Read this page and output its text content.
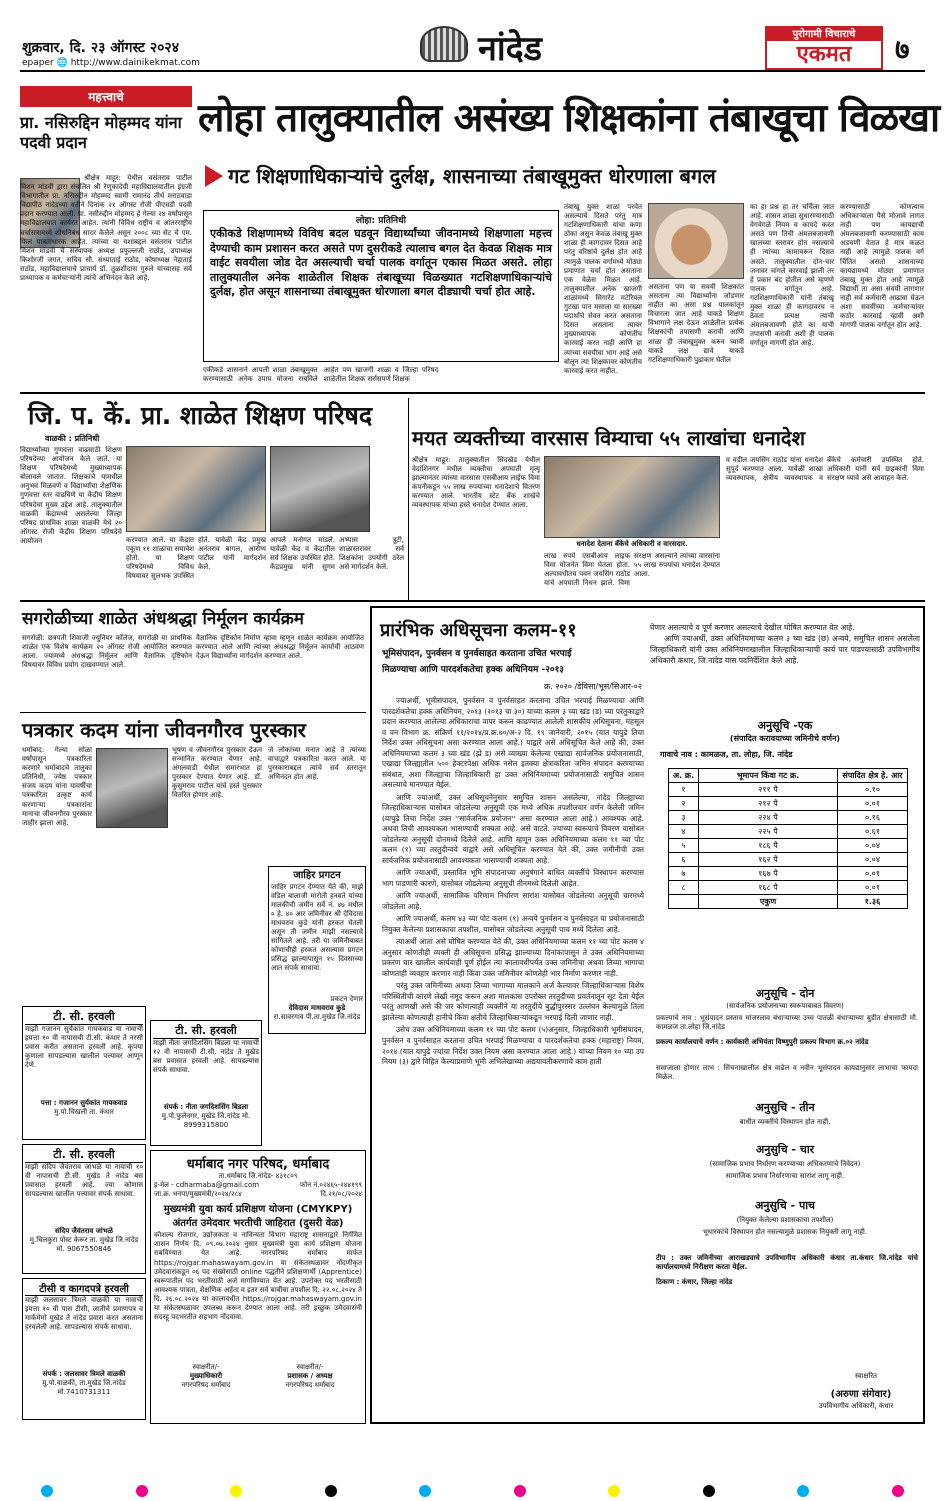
शुक्रवार, दि. २३ ऑगस्ट २०२४
epaper 🌐 http://www.dainikekmat.com	नांदेड	पुरोगामी विचाराचे
एकमत	७
महत्त्वाचे
प्रा. नसिरुद्दिन मोहम्मद यांना पदवी प्रदान
श्रीक्षेत्र माहूर: येथील वसंतराव पाटील मिशन मांडवी द्वारा संचलित श्री रेणुकादेवी महाविद्यालयातील इंग्रजी विभागातील प्रा. नसिरुद्दीन मोहम्मद स्वामी रामानंद तीर्थ मराठवाडा विद्यापीठ नांदेडच्या वतीने दिनांक २१ ऑगस्ट रोजी पीएचडी पदवी प्रदान करण्यात आली. प्रा. नसीरुद्दीन मोहम्मद हे गेल्या २४ वर्षांपासून महाविद्यालयात कार्यरत आहेत. त्यांनी विविध राष्ट्रीय व आंतरराष्ट्रीय चर्चासत्रामध्ये शोधनिबंध सादर केलेले असून २००८ च्या सेट चे एम. फिल पात्रताधारक आहेत. त्यांच्या या यशाबद्दल वसंतराव पाटील मिशन मांडवी चे संस्थापक अध्यक्ष प्रफुल्लजी राठोड, उपाध्यक्ष किशोरजी जगत, सचिव सौ. संध्याताई राठोड, कोषाध्यक्ष नेहाताई राठोड, महाविद्यालयाचे प्राचार्य डॉ. तुळशीदास गुरुले यांच्यासह सर्व प्राध्यापक व कर्मचाऱ्यांनी त्यांचे अभिनंदन केले आहे.
लोहा तालुक्यातील असंख्य शिक्षकांना तंबाखूचा विळखा
गट शिक्षणाधिकाऱ्यांचे दुर्लक्ष, शासनाच्या तंबाखूमुक्त धोरणाला बगल
लोहा: प्रतिनिधी
एकीकडे शिक्षणामध्ये विविध बदल घडवून विद्यार्थ्यांच्या जीवनामध्ये शिक्षणाला महत्त्व देण्याची काम प्रशासन करत असते पण दुसरीकडे त्यालाच बगल देत केवळ शिक्षक मात्र वाईट सवयीला जोड देत असल्याची चर्चा पालक वर्गातून एकास मिळत असते. लोहा तालुक्यातील अनेक शाळेतील शिक्षक तंबाखूच्या विळख्यात गटशिक्षणाधिकाऱ्यांचे दुर्लक्ष, होत असून शासनाच्या तंबाखूमुक्त धोरणाला बगल दीड्याची चर्चा होत आहे.
एकीकडे शासनाने आपली शाळा तंबाखूमुक्त करण्यासाठी अनेक उपाय योजना राबविले आहेत पण खाजगी शाळा व जिल्हा परिषद शाळेतील शिक्षक सर्रासपणे शिक्षक
तंबाखू युक्त शाळा परवेत असल्याचे दिसते परंतु मात्र गटशिक्षणाधिकारी यांचा कणा ठोका असून केवळ तंबाखू मुक्त शाळा ही कागदावर दिसत आहे परंतु वरिष्ठांचे दुर्लक्ष होत आहे त्यामुळे पालक वर्गामध्ये मोठ्या प्रमाणात चर्चा होत असताना एक वेळेस मिळत आहे. तालुक्यातील अनेक खाजगी शाळांमध्ये सिगारेट मटेरियल गुटखा पान मसाला या सारख्या पदार्थांचे सेवन करत असताना दिसत असताना त्यावर मुख्याध्यापक कोणतीच कारवाई करत नाही आणि हा त्यांच्या सवयीचा भाग आहे असे बोलून त्या शिक्षकावर कोणतीच कारवाई करत नाहीत.
असताना पण या सवयी शिक्षकांत असताना त्या विद्यार्थ्यांना जोडणार नाहीत का असा प्रश्न पालकांतून विचारला जात आहे याकडे शिक्षण विभागाने लक्ष देऊन शाळेतील प्रत्येक शिक्षकांची तपासणी करावी आणि शाळा ही तंबाखूमुक्त करुन घ्यावी याकडे लक्ष द्यावे याकडे गटशिक्षणाधिकारी पुढाकार घेतील
का हा प्रश्न हा तर चर्चिला जात आहे. शासन शाळा सुधारण्यासाठी वेगवेगळे नियम व कायदे करत असते पण तिची अंमलबजावणी खालच्या स्तरावर होत नसल्याचे ही त्यांच्या कामावरून दिसत असते. तालुक्यातील दोन-चार जनावर चांगले कारवाई झाली तर हे प्रकार बंद होतील असे म्हणणे पालक वर्गातून आहे. गटशिक्षणाधिकारी यांनी तंबाखू मुक्त शाळा ही कागदावरच न ठेवता प्रत्यक्ष त्याची अंमलबजावणी होते का याची तपासणी करावी अशी ही पालक वर्गातून मागणी होत आहे.
करण्यासाठी कोणत्याच अधिकाऱ्याला पैसे मोजावे लागत नाही पण कायद्याची अंमलबजावणी करण्यासाठी काय अडचणी येतात हे मात्र कळत नाही आहे त्यामुळे पालक वर्ग चिंतित असतो शासनाच्या कायद्यामध्ये मोठ्या प्रमाणात तंबाखू मुक्त होत आहे त्यामुळे विद्यार्थी ता असा सवयी लागणार नाही सर्व कर्मचारी आढावा घेऊन अशा सवयींच्या कर्मचाऱ्यांवर कठोर कारवाई व्हावी अशी मागणी पालक वर्गातून होत आहे.
जि. प. कें. प्रा. शाळेत शिक्षण परिषद
वाळकी : प्रतिनिधी
विद्यार्थ्यांच्या गुणवत्ता वाढसाठी शिक्षण परिषदेच्या आयोजन केले जाते. या शिक्षण परिषदेमध्ये मुख्याध्यापक बोलावले जातात. शिक्षकांचे यामधील अनुभव मिळवणे व विद्यार्थ्यांचा शैक्षणिक गुणवत्ता स्तर वाढविणे या केंद्रीय शिक्षण परिषदेचा मुख्य उद्देश आहे. तालुक्यातील वाळकी केंद्रामध्ये असलेल्या जिल्हा परिषद प्राथमिक शाळा वाळकी येथे २० ऑगस्ट रोजी केंद्रीय शिक्षण परिषदेचे आयोजन	करण्यात आले. या केंद्रात एकूण ११ शाळांचा समावेश होतो. या शिक्षण परिषदेमध्ये विविध विषयावर सुलभक उपस्थित होते. यावेळी केंद्र प्रमुख अनंतराव बागल, आरोग्य पाटील यांनी मार्गदर्शन केले.
आपले मनोगत मांडले. यावेळी केंद्र व केंद्रातील सर्व शिक्षक उपस्थित होते. केंद्रप्रमुख यांनी सुगम अभ्यास त्रुटी, शाळास्तरावर सर्व शिक्षकांना उपयोगी ठरेल असे मार्गदर्शन केले.
मयत व्यक्तीच्या वारसास विम्याचा ५५ लाखांचा धनादेश
श्रीक्षेत्र माहूर: तालुक्यातील सिंदखेड येथील वेदांशिनगर मधील व्यक्तीचा अपघाती मृत्यू झाल्यानंतर त्यांच्या वारसास एसबीआय लाईफ विमा कंपनीकडून ५५ लाख रुपयांच्या धनादेशाचे वितरण करण्यात आले. भारतीय स्टेट बँक शाखेचे व्यवस्थापक यांच्या हस्ते धनादेश देण्यात आला.
धनादेश देताना बँकेचे अधिकारी व वारसदार.
लाख रुपये एसबीआय लाइफ विमा योजनेत विमा घेतला होता. अल्पावधीतच पवन जयसिंग राठोड यांचे अपघाती निधन झाले. विमा संरक्षण असल्याने त्यांच्या वारसांना ५५ लाख रुपयांचा धनादेश देण्यात आला.
व वडील जयसिंग राठोड यांना धनादेश सुपूर्द करण्यात आला. यावेळी शाखा व्यवस्थापक, क्षेत्रीय व्यवस्थापक व बँकेचे कर्मचारी उपस्थित होते. अधिकारी यांनी सर्व ग्राहकांनी विमा संरक्षण घ्यावे असे आवाहन केले.
सगरोळीच्या शाळेत अंधश्रद्धा निर्मूलन कार्यक्रम
सगरोळी: छत्रपती शिवाजी ज्युनियर कॉलेज, सगरोळी या प्राथमिक शाळेत एक विशेष कार्यक्रम २० ऑगस्ट रोजी आयोजित करण्यात आला. ज्यामध्ये अंधश्रद्धा निर्मूलन आणि वैज्ञानिक दृष्टिकोन विषयावर विविध प्रयोग दाखवण्यात आले.
वैज्ञानिक दृष्टिकोन निर्माण व्हावा म्हणून शाळेत कार्यक्रम आयोजित करण्यात आले आणि त्यांच्या अंधश्रद्धा निर्मूलन कार्याची आठवण देऊन विद्यार्थ्यांना मार्गदर्शन करण्यात आले.
पत्रकार कदम यांना जीवनगौरव पुरस्कार
धर्माबाद: गेल्या सोळा वर्षांपासून पत्रकारिता करणारे धर्माबादचे तालुका प्रतिनिधी, ज्येष्ठ पत्रकार संजय कदम यांना यावर्षीचा पत्रकारिता उत्कृष्ट कार्य करणाऱ्या पत्रकारांना मानाचा जीवनगौरव पुरस्कार जाहीर झाला आहे.
भूषण व जीवनगौरव पुरस्कार देऊन सन्मानित करण्यात येणार आहे. अंगलवाडी येथील समारंभात हा पुरस्कार देण्यात येणार आहे. डॉ. कुसुमराव पाटील यांचे हस्ते पुरस्कार वितरित होणार आहे.
जे लोकांच्या मनात आहे ते त्यांच्या वाचाद्वारे पत्रकारिता करत आले. या पुरस्काराबद्दल त्यांचे सर्व स्तरातून अभिनंदन होत आहे.
जाहिर प्रगटन
जाहिर प्रगटन देण्यात येते की, माझे वडिल बालाजी मारोती हनवते यांच्या मालकीची जमीन सर्वे नं. ४७ मधील ० हे. ४० आर जमिनीवर श्री देविदास माधवराव कुडे यांनी हरकत घेतली असून ती जमीन माझी नसल्याचे सांगितले आहे. तरी या जमिनीबाबत कोणाचीही हरकत असल्यास प्रगटन प्रसिद्ध झाल्यापासून १५ दिवसाच्या आत संपर्क साधावा.
प्रकटन देणार
देविदास माधवराव कुडे
रा.सावरगाव पी.ता.मुखेड जि.नांदेड
टी. सी. हरवली
माझी गजानन सुर्यकांत गायकवाड या नावाची इयत्ता १० वी नापासची टी.सी. कंधार ते नरसी प्रवास करीत असताना हरवली आहे. कृपया कुणाला सापडल्यास खालील पत्त्यावर आणून देणे.
पत्ता : गजानन सुर्यकांत गायकवाड
मु.पो.चिखली ता. कंधार
टी. सी. हरवली
माझी नीता जगदिशसिंग बिडला या नावाची १२ वी नापासची टी.सी. नांदेड ते मुखेड बस प्रवासात हरवली आहे. सापडल्यास संपर्क साधावा.
संपर्क : नीता जगदिशसिंग बिडला
मु.पो.फुलेनगर, मुखेड जि.नांदेड मो. 8999315800
टी. सी. हरवली
माझी संदिप जैवंतराव जांभळे या नावाची १० वी नापासची टी.सी. मुखेड ते नांदेड बस प्रवासात हरवली आहे. ज्या कोणास सापडल्यास खालील पत्त्यावर संपर्क साधावा.
संदिप जैवंतराव जांभळे
मु.चिलकुरा पोस्ट केरूर ता. मुखेड जि.नांदेड मो. 9067550846
टीसी व कागदपत्रे हरवली
माझी जलसावर त्रिमले वाळकी या नावाची इयत्ता १० वी पास टीसी, जातीचे प्रमाणपत्र व मार्कमेमो मुखेड ते नांदेड प्रवास करत असताना हरवलेली आहे. सापडल्यास संपर्क साधावा.
संपर्क : जलसावर त्रिमले वाळकी
मु.पो.वाळकी, ता.मुखेड जि.नांदेड मो.7410731311
धर्माबाद नगर परिषद, धर्माबाद
ता.धर्माबाद जि.नांदेड- ४३१८०९
इ-मेल - cdharmaba@gmail.com	फोन नं.०२४६५-२४४१९९
जा.क्र. धनपा/मुख्यमंत्री/२०२४/२८४	दि.२१/०८/२०२४
मुख्यमंत्री युवा कार्य प्रशिक्षण योजना (CMYKPY)
अंतर्गत उमेदवार भरतीची जाहिरात (दुसरी वेळ)
कौशल्य रोजगार, उद्योजकता व नाविन्यता विभाग महाराष्ट्र शासनाद्वारे निर्गमित शासन निर्णय दि. ०९.०७.२०२४ नुसार मुख्यमंत्री युवा कार्य प्रशिक्षण योजना राबविण्यात येत आहे. नगरपरिषद धर्माबाद मार्फत https://rojgar.mahaswayam.gov.in या संकेतस्थळावर नोंदणीकृत उमेदवारांकडून ०६ पद संख्येसाठी online पद्धतीने प्रशिक्षणार्थी (Apprentice) स्वरूपातील पद भरतीसाठी अर्ज मागविण्यात येत आहे. उपरोक्त पद भरतीसाठी आवश्यक पात्रता, शैक्षणिक अर्हता व इतर सर्व बाबींचा तपशील दि. २२.०८.२०२४ ते दि. २६.०८.२०२४ या कालावधीत https://rojgar.mahaswayam.gov.in या संकेतस्थळावर उपलब्ध करून देण्यात आला आहे. तरी इच्छुक उमेदवारांनी सदरहू पदभरतीत सहभाग नोंदवावा.
स्वाक्षरीत/-
मुख्याधिकारी
नगरपरिषद धर्माबाद
स्वाक्षरीत/-
प्रशासक / अध्यक्ष
नगरपरिषद धर्माबाद
प्रारंभिक अधिसूचना कलम-११
भूमिसंपादन, पुनर्वसन व पुनर्वसाहत करताना उचित भरपाई
मिळण्याचा आणि पारदर्शकतेचा हक्क अधिनियम -२०१३
क्र. २०२० /डेविसा/भूसं/सिआर-०२

ज्याअर्थी, भूमीसंपादन, पुनर्वसन व पुनर्वसाहत करताना उचित भरपाई मिळण्याचा आणि पारदर्शकतेचा हक्क अधिनियम, २०१३ (२०१३ चा ३०) याच्या कलम ३ च्या खंड (ड) च्या परंतुकाद्वारे प्रदान करण्यात आलेल्या अधिकाराचा वापर करून काढण्यात आलेली शासकीय अधिसूचना, महसूल व वन विभाग क्र. संकिर्ण ११/२०१४/प्र.क्र.७०/अ-२ दि. १९ जानेवारी, २०१५ (यात यापुढे तिचा निर्देश उक्त अधिसूचना असा करण्यात आला आहे.) याद्वारे असे अधिसूचित केले आहे की, उक्त अधिनियमाच्या कलम ३ च्या खंड (झ्रे ड) असे व्याख्या केलेल्या एखाद्या सार्वजनिक प्रयोजनासाठी, एखाद्या जिल्ह्यातील ५०० हेक्टरपेक्षा अधिक नसेल इतक्या क्षेत्राकरिता जमिन संपादन करण्याच्या संबंधात, अशा जिल्ह्याचा जिल्हाधिकारी हा उक्त अधिनियमाच्या प्रयोजनासाठी समुचित शासन असल्याचे मानण्यात येईल.

आणि ज्याअर्थी, उक्त अधिसूचनेनुसार समुचित शासन असलेल्या, नांदेड जिल्ह्याच्या जिल्हाधिकाऱ्यास यासोबत जोडलेल्या अनुसूची एक मध्ये अधिक तपशीलवार वर्णन केलेली जमिन (यापुढे तिचा निर्देश उक्त ''सार्वजनिक प्रयोजन'' असा करण्यात आला आहे.) आवश्यक आहे. अथवा तिची आवश्यकता भासण्याची शक्यता आहे. असे वाटते. ज्याच्या स्वरूपाचे विवरण यासोबत जोडलेल्या अनुसूची दोनमध्ये दिलेले आहे. आणि म्हणून उक्त अधिनियमाच्या कलम ११ च्या पोट कलम (१) च्या तरतुदीन्वये याद्वारे असे अधिसूचित करण्यात येते की, उक्त जमीनीची उक्त सार्वजनिक प्रयोजनासाठी आवश्यकता भासण्याची शक्यता आहे.

आणि ज्याअर्थी, प्रस्तावित भूमि संपादनाच्या अनुषंगाने बाधित व्यक्तींचे विस्थापन करण्यास भाग पाडणारी कारणे, यासोबत जोडलेल्या अनुसूची तीनमध्ये दिलेली आहेत.

आणि ज्याअर्थी, सामाजिक परिणाम निर्धारण सारांश यासोबत जोडलेल्या अनुसूची चारमध्ये जोडलेला आहे.

आणि ज्याअर्थी, कलम ४३ च्या पोट कलम (१) अन्वये पुनर्वसन व पुनर्वसाहत या प्रयोजनासाठी नियुक्त केलेल्या प्रशासकाचा तपशील, यासोबत जोडलेल्या अनुसूची पाच मध्ये दिलेला आहे.

त्याअर्थी आता असे घोषित करण्यात येते की, उक्त अधिनियमाच्या कलम ११ च्या पोट कलम ४ अनुसार कोणतीही व्यक्ती ही अधिसूचना प्रसिद्ध झाल्याच्या दिनांकापासून ते उक्त अधिनियमाच्या प्रकरण चार खालील कार्यवाही पूर्ण होईल त्या कालावधीपर्यंत उक्त जमिनीचा अथवा तिच्या भागाचा कोणताही व्यवहार करणार नाही किंवा उक्त जमिनीवर कोणतेही भार निर्माण करणार नाही.

परंतु उक्त जमिनीच्या अथवा तिच्या भागाच्या मालकाने अर्ज केल्यावर जिल्हाधिकाऱ्यास विशेष परिस्थितीची कारणे लेखी नमूद करून अशा मालकास उपरोक्त तरतुदीच्या प्रवर्तनातून सूट देता येईल परंतु आणखी असे की जर कोणत्याही व्यक्तीने या तरतुदींचे बुद्धीपुरस्सर उल्लंघन केल्यामुळे तिला झालेल्या कोणत्याही हानीचे किंवा क्षतीचे जिल्हाधिकाऱ्यांकडून भरपाई दिली जाणार नाही.

उसेच उक्त अधिनियमाच्या कलम ११ च्या पोट कलम (५)अनुसार, जिल्हाधिकारी भूमीसंपादन, पुनर्वसन व पुनर्वसाहत करताना उचित भरपाई मिळण्याचा व पारदर्शकतेचा हक्क (महाराष्ट्र) नियम, २०१४ (यात यापुढे ज्यांचा निर्देश उक्त नियम असा करण्यात आला आहे.) यांच्या नियम १० च्या उप नियम (३) द्वारे विहित केल्याप्रमाणे भूमी अभिलेखाच्या अद्ययावतीकरणाचे काम हाती

घेणार असल्याचे व पूर्ण करणार असल्याचे देखील घोषित करण्यात येत आहे.
आणि ज्याअर्थी, उक्त अधिनियमाच्या कलम ३ च्या खंड (छ) अन्वये, समुचित शासन असलेला जिल्हाधिकारी यांनी उक्त अधिनियमाखालील जिल्हाधिकाऱ्याची कार्य पार पाडण्यासाठी उपविभागीय अधिकारी कंधार, जि.नांदेड यास पदनिर्देशित केले आहे.
अनुसूचि -एक
(संपादित करावयाच्या जमिनीचे वर्णन)
गावाचे नाव : कामळज, ता. लोहा, जि. नांदेड
अ. क्र.	भूमापन किंवा गट क्र.	संपादित क्षेत्र हे. आर
१	२११ पै	०.१०
२	२१२ पै	०.०१
३	२२४ पै	०.१६
४	२२५ पै	०.६१
५	१८६ पै	०.०४
६	१६२ पै	०.०४
७	१६७ पै	०.०१
८	१६८ पै	०.०१
	एकुण	१.३६
अनुसूचि - दोन
(सार्वजनिक प्रयोजनाच्या स्वरूपाबाबत विवरण)
प्रकल्पाचे नाव : भूसंपादन प्रस्ताव मांजरलाव बंधाऱ्याच्या उच्च पातळी बंधाऱ्याच्या बुडीत क्षेत्रासाठी मौ. कामळज ता.लोहा जि.नांदेड
प्रकल्प कार्यालयाचे वर्णन : कार्यकारी अभियंता विष्णुपुरी प्रकल्प विभाग क्र.०२ नांदेड
समाजाला होणार लाभ : सिंचनाखालील क्षेत्र वाढेल व नवीन भूसंपादन कायद्यानुसार लाभाचा फायदा मिळेल.
अनुसुचि - तीन
बाधीत व्यक्तींचे विस्थापन होत नाही.
अनुसुचि - चार
(सामाजिक प्रभाव निर्धारण करण्याच्या अभिकरणाचे निवेदन)
सामाजिक प्रभाव निर्धारणाचा सारांश लागू नाही.
अनुसुचि - पाच
(नियुक्त केलेल्या प्रशासकाचा तपशील)
भूधारकांचे विस्थापन होत नसल्यामुळे प्रशासक नियुक्ती लागू नाही.
टीप : उक्त जमिनीच्या आराखड्याचे उपविभागीय अधिकारी कंधार ता.कंधार जि.नांदेड यांचे कार्यालयामध्ये निरीक्षण करता येईल.
ठिकाण : कंधार, जिल्हा नांदेड
स्वाक्षरित
(अरुणा संगेवार)
उपविभागीय अधिकारी, कंधार
